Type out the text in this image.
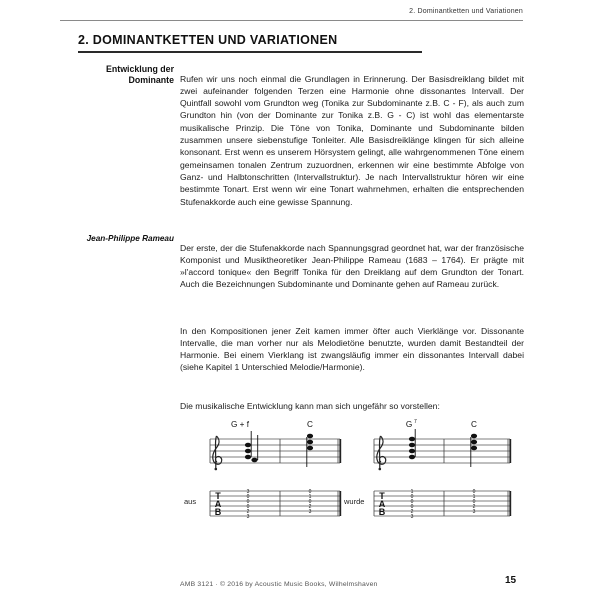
2. Dominantketten und Variationen
2. DOMINANTKETTEN UND VARIATIONEN
Entwicklung der Dominante Rufen wir uns noch einmal die Grundlagen in Erinnerung. Der Basisdreiklang bildet mit zwei aufeinander folgenden Terzen eine Harmonie ohne dissonantes Intervall. Der Quintfall sowohl vom Grundton weg (Tonika zur Subdominante z.B. C - F), als auch zum Grundton hin (von der Dominante zur Tonika z.B. G - C) ist wohl das elementarste musikalische Prinzip. Die Töne von Tonika, Dominante und Subdominante bilden zusammen unsere siebenstufige Tonleiter. Alle Basisdreiklänge klingen für sich alleine konsonant. Erst wenn es unserem Hörsystem gelingt, alle wahrgenommenen Töne einem gemeinsamen tonalen Zentrum zuzuordnen, erkennen wir eine bestimmte Abfolge von Ganz- und Halbtonschritten (Intervallstruktur). Je nach Intervallstruktur hören wir eine bestimmte Tonart. Erst wenn wir eine Tonart wahrnehmen, erhalten die entsprechenden Stufenakkorde auch eine gewisse Spannung.

Jean-Philippe Rameau

Der erste, der die Stufenakkorde nach Spannungsgrad geordnet hat, war der französische Komponist und Musiktheoretiker Jean-Philippe Rameau (1683 – 1764). Er prägte mit »l'accord tonique« den Begriff Tonika für den Dreiklang auf dem Grundton der Tonart. Auch die Bezeichnungen Subdominante und Dominante gehen auf Rameau zurück.

In den Kompositionen jener Zeit kamen immer öfter auch Vierklänge vor. Dissonante Intervalle, die man vorher nur als Melodietöne benutzte, wurden damit Bestandteil der Harmonie. Bei einem Vierklang ist zwangsläufig immer ein dissonantes Intervall dabei (siehe Kapitel 1 Unterschied Melodie/Harmonie).

Die musikalische Entwicklung kann man sich ungefähr so vorstellen:
aus
G + f	C
T
A
B
3
0
0
0
2
3
0
1
0
2
3
wurde
G 7	C
T
A
B
1
0
0
0
2
3
0
1
0
2
3
AMB 3121 · © 2016 by Acoustic Music Books, Wilhelmshaven	15
